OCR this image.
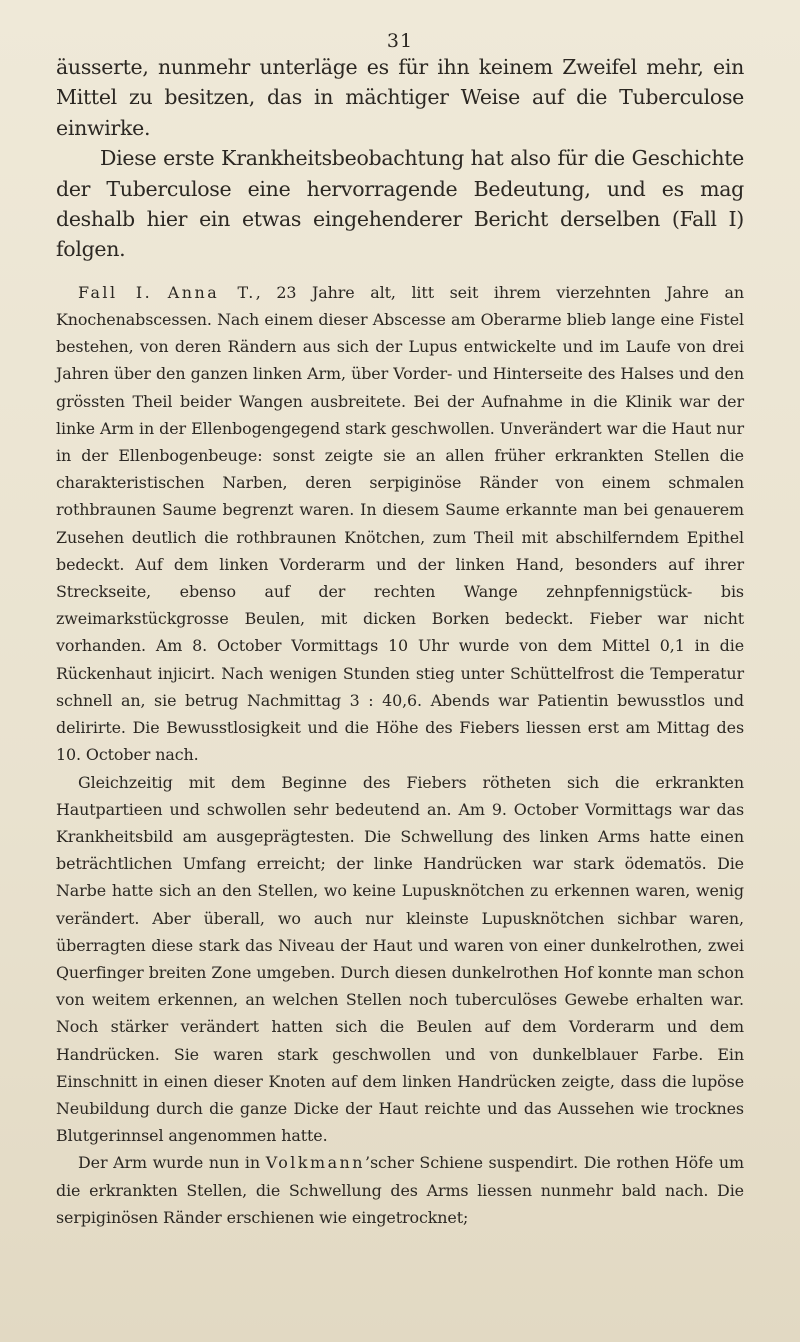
31

äusserte, nunmehr unterläge es für ihn keinem Zweifel mehr, ein Mittel zu besitzen, das in mächtiger Weise auf die Tuberculose einwirke.

Diese erste Krankheitsbeobachtung hat also für die Geschichte der Tuberculose eine hervorragende Bedeutung, und es mag deshalb hier ein etwas eingehenderer Bericht derselben (Fall I) folgen.

Fall I. Anna T., 23 Jahre alt, litt seit ihrem vierzehnten Jahre an Knochenabscessen. Nach einem dieser Abscesse am Oberarme blieb lange eine Fistel bestehen, von deren Rändern aus sich der Lupus entwickelte und im Laufe von drei Jahren über den ganzen linken Arm, über Vorder- und Hinterseite des Halses und den grössten Theil beider Wangen ausbreitete. Bei der Aufnahme in die Klinik war der linke Arm in der Ellenbogengegend stark geschwollen. Unverändert war die Haut nur in der Ellenbogenbeuge: sonst zeigte sie an allen früher erkrankten Stellen die charakteristischen Narben, deren serpiginöse Ränder von einem schmalen rothbraunen Saume begrenzt waren. In diesem Saume erkannte man bei genauerem Zusehen deutlich die rothbraunen Knötchen, zum Theil mit abschilferndem Epithel bedeckt. Auf dem linken Vorderarm und der linken Hand, besonders auf ihrer Streckseite, ebenso auf der rechten Wange zehnpfennigstück- bis zweimarkstückgrosse Beulen, mit dicken Borken bedeckt. Fieber war nicht vorhanden. Am 8. October Vormittags 10 Uhr wurde von dem Mittel 0,1 in die Rückenhaut injicirt. Nach wenigen Stunden stieg unter Schüttelfrost die Temperatur schnell an, sie betrug Nachmittag 3 : 40,6. Abends war Patientin bewusstlos und delirirte. Die Bewusstlosigkeit und die Höhe des Fiebers liessen erst am Mittag des 10. October nach.

Gleichzeitig mit dem Beginne des Fiebers rötheten sich die erkrankten Hautpartieen und schwollen sehr bedeutend an. Am 9. October Vormittags war das Krankheitsbild am ausgeprägtesten. Die Schwellung des linken Arms hatte einen beträchtlichen Umfang erreicht; der linke Handrücken war stark ödematös. Die Narbe hatte sich an den Stellen, wo keine Lupusknötchen zu erkennen waren, wenig verändert. Aber überall, wo auch nur kleinste Lupusknötchen sichbar waren, überragten diese stark das Niveau der Haut und waren von einer dunkelrothen, zwei Querfinger breiten Zone umgeben. Durch diesen dunkelrothen Hof konnte man schon von weitem erkennen, an welchen Stellen noch tuberculöses Gewebe erhalten war. Noch stärker verändert hatten sich die Beulen auf dem Vorderarm und dem Handrücken. Sie waren stark geschwollen und von dunkelblauer Farbe. Ein Einschnitt in einen dieser Knoten auf dem linken Handrücken zeigte, dass die lupöse Neubildung durch die ganze Dicke der Haut reichte und das Aussehen wie trocknes Blutgerinnsel angenommen hatte.

Der Arm wurde nun in Volkmann’scher Schiene suspendirt. Die rothen Höfe um die erkrankten Stellen, die Schwellung des Arms liessen nunmehr bald nach. Die serpiginösen Ränder erschienen wie eingetrocknet;
